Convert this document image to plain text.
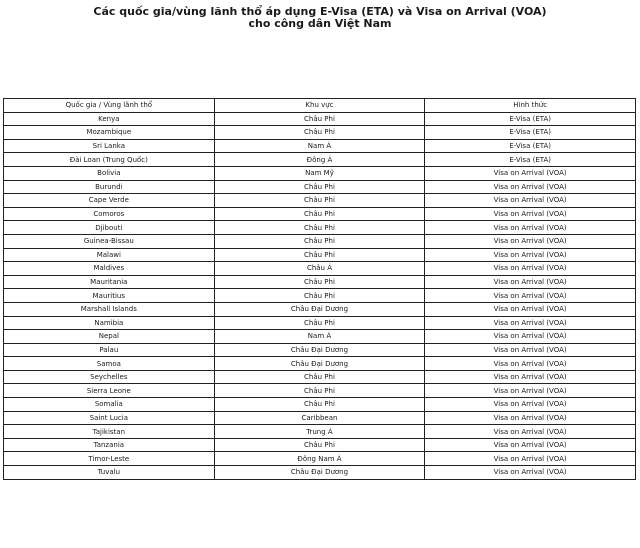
Các quốc gia/vùng lãnh thổ áp dụng E-Visa (ETA) và Visa on Arrival (VOA)
cho công dân Việt Nam
Quốc gia / Vùng lãnh thổ	Khu vực	Hình thức
Kenya	Châu Phi	E-Visa (ETA)
Mozambique	Châu Phi	E-Visa (ETA)
Sri Lanka	Nam Á	E-Visa (ETA)
Đài Loan (Trung Quốc)	Đông Á	E-Visa (ETA)
Bolivia	Nam Mỹ	Visa on Arrival (VOA)
Burundi	Châu Phi	Visa on Arrival (VOA)
Cape Verde	Châu Phi	Visa on Arrival (VOA)
Comoros	Châu Phi	Visa on Arrival (VOA)
Djibouti	Châu Phi	Visa on Arrival (VOA)
Guinea-Bissau	Châu Phi	Visa on Arrival (VOA)
Malawi	Châu Phi	Visa on Arrival (VOA)
Maldives	Châu Á	Visa on Arrival (VOA)
Mauritania	Châu Phi	Visa on Arrival (VOA)
Mauritius	Châu Phi	Visa on Arrival (VOA)
Marshall Islands	Châu Đại Dương	Visa on Arrival (VOA)
Namibia	Châu Phi	Visa on Arrival (VOA)
Nepal	Nam Á	Visa on Arrival (VOA)
Palau	Châu Đại Dương	Visa on Arrival (VOA)
Samoa	Châu Đại Dương	Visa on Arrival (VOA)
Seychelles	Châu Phi	Visa on Arrival (VOA)
Sierra Leone	Châu Phi	Visa on Arrival (VOA)
Somalia	Châu Phi	Visa on Arrival (VOA)
Saint Lucia	Caribbean	Visa on Arrival (VOA)
Tajikistan	Trung Á	Visa on Arrival (VOA)
Tanzania	Châu Phi	Visa on Arrival (VOA)
Timor-Leste	Đông Nam Á	Visa on Arrival (VOA)
Tuvalu	Châu Đại Dương	Visa on Arrival (VOA)
